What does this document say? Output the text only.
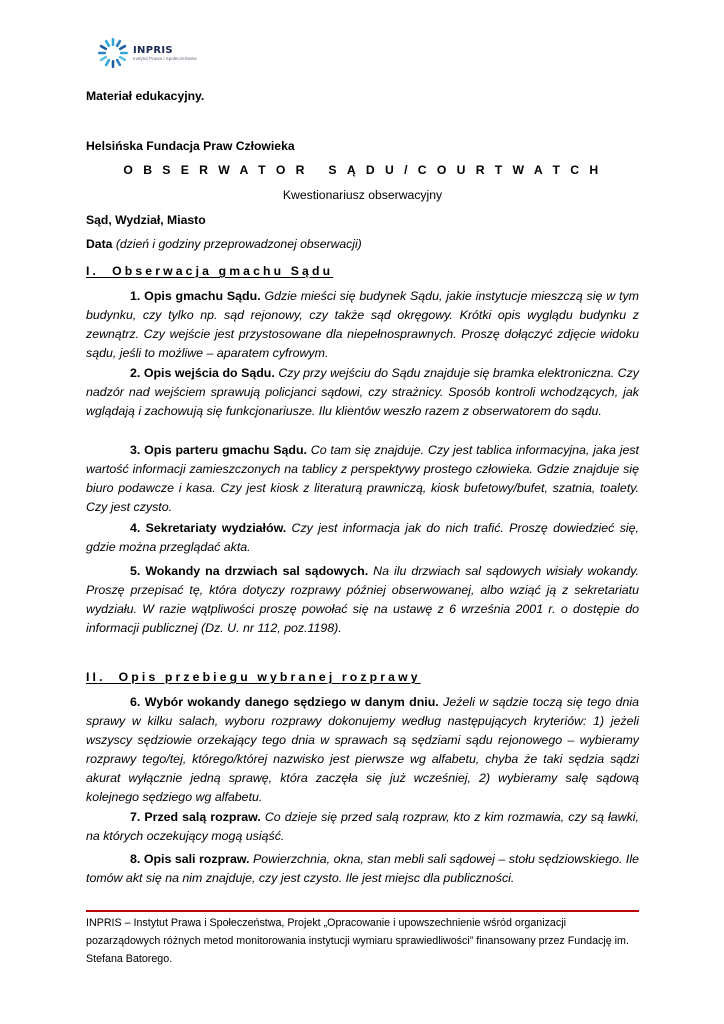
INPRIS
Instytut Prawa i Społeczeństwa
Materiał edukacyjny.
Helsińska Fundacja Praw Człowieka
O B S E R W A T O R   S Ą D U / C O U R T W A T C H
Kwestionariusz obserwacyjny
Sąd, Wydział, Miasto
Data (dzień i godziny przeprowadzonej obserwacji)
I.  Obserwacja gmachu Sądu

1. Opis gmachu Sądu. Gdzie mieści się budynek Sądu, jakie instytucje mieszczą się w tym budynku, czy tylko np. sąd rejonowy, czy także sąd okręgowy. Krótki opis wyglądu budynku z zewnątrz. Czy wejście jest przystosowane dla niepełnosprawnych. Proszę dołączyć zdjęcie widoku sądu, jeśli to możliwe – aparatem cyfrowym.

2. Opis wejścia do Sądu. Czy przy wejściu do Sądu znajduje się bramka elektroniczna. Czy nadzór nad wejściem sprawują policjanci sądowi, czy strażnicy. Sposób kontroli wchodzących, jak wglądają i zachowują się funkcjonariusze. Ilu klientów weszło razem z obserwatorem do sądu.

3. Opis parteru gmachu Sądu. Co tam się znajduje. Czy jest tablica informacyjna, jaka jest wartość informacji zamieszczonych na tablicy z perspektywy prostego człowieka. Gdzie znajduje się biuro podawcze i kasa. Czy jest kiosk z literaturą prawniczą, kiosk bufetowy/bufet, szatnia, toalety. Czy jest czysto.

4. Sekretariaty wydziałów. Czy jest informacja jak do nich trafić. Proszę dowiedzieć się, gdzie można przeglądać akta.

5. Wokandy na drzwiach sal sądowych. Na ilu drzwiach sal sądowych wisiały wokandy. Proszę przepisać tę, która dotyczy rozprawy później obserwowanej, albo wziąć ją z sekretariatu wydziału. W razie wątpliwości proszę powołać się na ustawę z 6 września 2001 r. o dostępie do informacji publicznej (Dz. U. nr 112, poz.1198).

II.  Opis przebiegu wybranej rozprawy

6. Wybór wokandy danego sędziego w danym dniu. Jeżeli w sądzie toczą się tego dnia sprawy w kilku salach, wyboru rozprawy dokonujemy według następujących kryteriów: 1) jeżeli wszyscy sędziowie orzekający tego dnia w sprawach są sędziami sądu rejonowego – wybieramy rozprawy tego/tej, którego/której nazwisko jest pierwsze wg alfabetu, chyba że taki sędzia sądzi akurat wyłącznie jedną sprawę, która zaczęła się już wcześniej, 2) wybieramy salę sądową kolejnego sędziego wg alfabetu.

7. Przed salą rozpraw. Co dzieje się przed salą rozpraw, kto z kim rozmawia, czy są ławki, na których oczekujący mogą usiąść.

8. Opis sali rozpraw. Powierzchnia, okna, stan mebli sali sądowej – stołu sędziowskiego. Ile tomów akt się na nim znajduje, czy jest czysto. Ile jest miejsc dla publiczności.

INPRIS – Instytut Prawa i Społeczeństwa, Projekt „Opracowanie i upowszechnienie wśród organizacji pozarządowych różnych metod monitorowania instytucji wymiaru sprawiedliwości” finansowany przez Fundację im. Stefana Batorego.
